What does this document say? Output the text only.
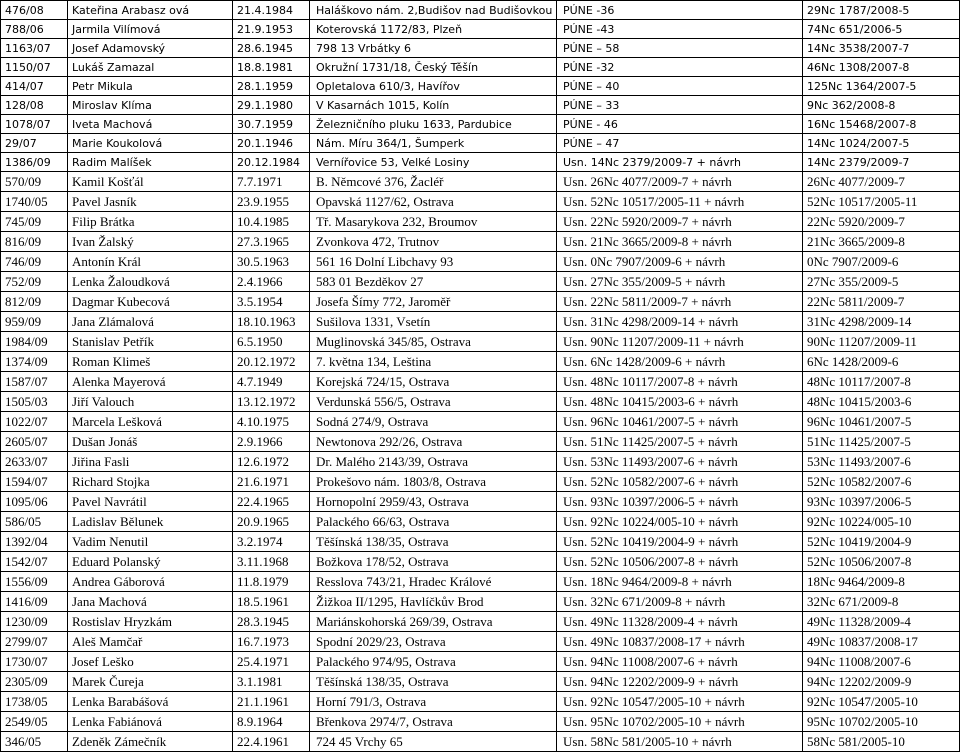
476/08	Kateřina Arabasz ová	21.4.1984	Haláškovo nám. 2,Budišov nad Budišovkou	PÚNE -36	29Nc 1787/2008-5
788/06	Jarmila Vilímová	21.9.1953	Koterovská 1172/83, Plzeň	PÚNE -43	74Nc 651/2006-5
1163/07	Josef Adamovský	28.6.1945	798 13 Vrbátky 6	PÚNE – 58	14Nc 3538/2007-7
1150/07	Lukáš Zamazal	18.8.1981	Okružní 1731/18, Český Těšín	PÚNE -32	46Nc 1308/2007-8
414/07	Petr Mikula	28.1.1959	Opletalova 610/3, Havířov	PÚNE – 40	125Nc 1364/2007-5
128/08	Miroslav Klíma	29.1.1980	V Kasarnách 1015, Kolín	PÚNE – 33	9Nc 362/2008-8
1078/07	Iveta Machová	30.7.1959	Železničního pluku 1633, Pardubice	PÚNE - 46	16Nc 15468/2007-8
29/07	Marie Koukolová	20.1.1946	Nám. Míru 364/1, Šumperk	PÚNE – 47	14Nc 1024/2007-5
1386/09	Radim Malíšek	20.12.1984	Vernířovice 53, Velké Losiny	Usn. 14Nc 2379/2009-7 + návrh	14Nc 2379/2009-7
570/09	Kamil Košťál	7.7.1971	B. Němcové 376, Žacléř	Usn. 26Nc 4077/2009-7 + návrh	26Nc 4077/2009-7
1740/05	Pavel Jasník	23.9.1955	Opavská 1127/62, Ostrava	Usn. 52Nc 10517/2005-11 + návrh	52Nc 10517/2005-11
745/09	Filip Brátka	10.4.1985	Tř. Masarykova 232, Broumov	Usn. 22Nc 5920/2009-7 + návrh	22Nc 5920/2009-7
816/09	Ivan Žalský	27.3.1965	Zvonkova 472, Trutnov	Usn. 21Nc 3665/2009-8 + návrh	21Nc 3665/2009-8
746/09	Antonín Král	30.5.1963	561 16 Dolní Libchavy 93	Usn. 0Nc 7907/2009-6 + návrh	0Nc 7907/2009-6
752/09	Lenka Žaloudková	2.4.1966	583 01 Bezděkov 27	Usn. 27Nc 355/2009-5 + návrh	27Nc 355/2009-5
812/09	Dagmar Kubecová	3.5.1954	Josefa Šímy 772, Jaroměř	Usn. 22Nc 5811/2009-7 + návrh	22Nc 5811/2009-7
959/09	Jana Zlámalová	18.10.1963	Sušilova 1331, Vsetín	Usn. 31Nc 4298/2009-14 + návrh	31Nc 4298/2009-14
1984/09	Stanislav Petřík	6.5.1950	Muglinovská 345/85, Ostrava	Usn. 90Nc 11207/2009-11 + návrh	90Nc 11207/2009-11
1374/09	Roman Klimeš	20.12.1972	7. května 134, Leština	Usn. 6Nc 1428/2009-6 + návrh	6Nc 1428/2009-6
1587/07	Alenka Mayerová	4.7.1949	Korejská 724/15, Ostrava	Usn. 48Nc 10117/2007-8 + návrh	48Nc 10117/2007-8
1505/03	Jiří Valouch	13.12.1972	Verdunská 556/5, Ostrava	Usn. 48Nc 10415/2003-6 + návrh	48Nc 10415/2003-6
1022/07	Marcela Lešková	4.10.1975	Sodná 274/9, Ostrava	Usn. 96Nc 10461/2007-5 + návrh	96Nc 10461/2007-5
2605/07	Dušan Jonáš	2.9.1966	Newtonova 292/26, Ostrava	Usn. 51Nc 11425/2007-5 + návrh	51Nc 11425/2007-5
2633/07	Jiřina Fasli	12.6.1972	Dr. Malého 2143/39, Ostrava	Usn. 53Nc 11493/2007-6 + návrh	53Nc 11493/2007-6
1594/07	Richard Stojka	21.6.1971	Prokešovo nám. 1803/8, Ostrava	Usn. 52Nc 10582/2007-6 + návrh	52Nc 10582/2007-6
1095/06	Pavel Navrátil	22.4.1965	Hornopolní 2959/43, Ostrava	Usn. 93Nc 10397/2006-5 + návrh	93Nc 10397/2006-5
586/05	Ladislav Bělunek	20.9.1965	Palackého 66/63, Ostrava	Usn. 92Nc 10224/005-10 + návrh	92Nc 10224/005-10
1392/04	Vadim Nenutil	3.2.1974	Těšínská 138/35, Ostrava	Usn. 52Nc 10419/2004-9 + návrh	52Nc 10419/2004-9
1542/07	Eduard Polanský	3.11.1968	Božkova 178/52, Ostrava	Usn. 52Nc 10506/2007-8 + návrh	52Nc 10506/2007-8
1556/09	Andrea Gáborová	11.8.1979	Resslova 743/21, Hradec Králové	Usn. 18Nc 9464/2009-8 + návrh	18Nc 9464/2009-8
1416/09	Jana Machová	18.5.1961	Žižkoa II/1295, Havlíčkův Brod	Usn. 32Nc 671/2009-8 + návrh	32Nc 671/2009-8
1230/09	Rostislav Hryzkám	28.3.1945	Mariánskohorská 269/39, Ostrava	Usn. 49Nc 11328/2009-4 + návrh	49Nc 11328/2009-4
2799/07	Aleš Mamčař	16.7.1973	Spodní 2029/23, Ostrava	Usn. 49Nc 10837/2008-17 + návrh	49Nc 10837/2008-17
1730/07	Josef Leško	25.4.1971	Palackého 974/95, Ostrava	Usn. 94Nc 11008/2007-6 + návrh	94Nc 11008/2007-6
2305/09	Marek Čureja	3.1.1981	Těšínská 138/35, Ostrava	Usn. 94Nc 12202/2009-9 + návrh	94Nc 12202/2009-9
1738/05	Lenka Barabášová	21.1.1961	Horní 791/3, Ostrava	Usn. 92Nc 10547/2005-10 + návrh	92Nc 10547/2005-10
2549/05	Lenka Fabiánová	8.9.1964	Břenkova 2974/7, Ostrava	Usn. 95Nc 10702/2005-10 + návrh	95Nc 10702/2005-10
346/05	Zdeněk Zámečník	22.4.1961	724 45 Vrchy 65	Usn. 58Nc 581/2005-10 + návrh	58Nc 581/2005-10
